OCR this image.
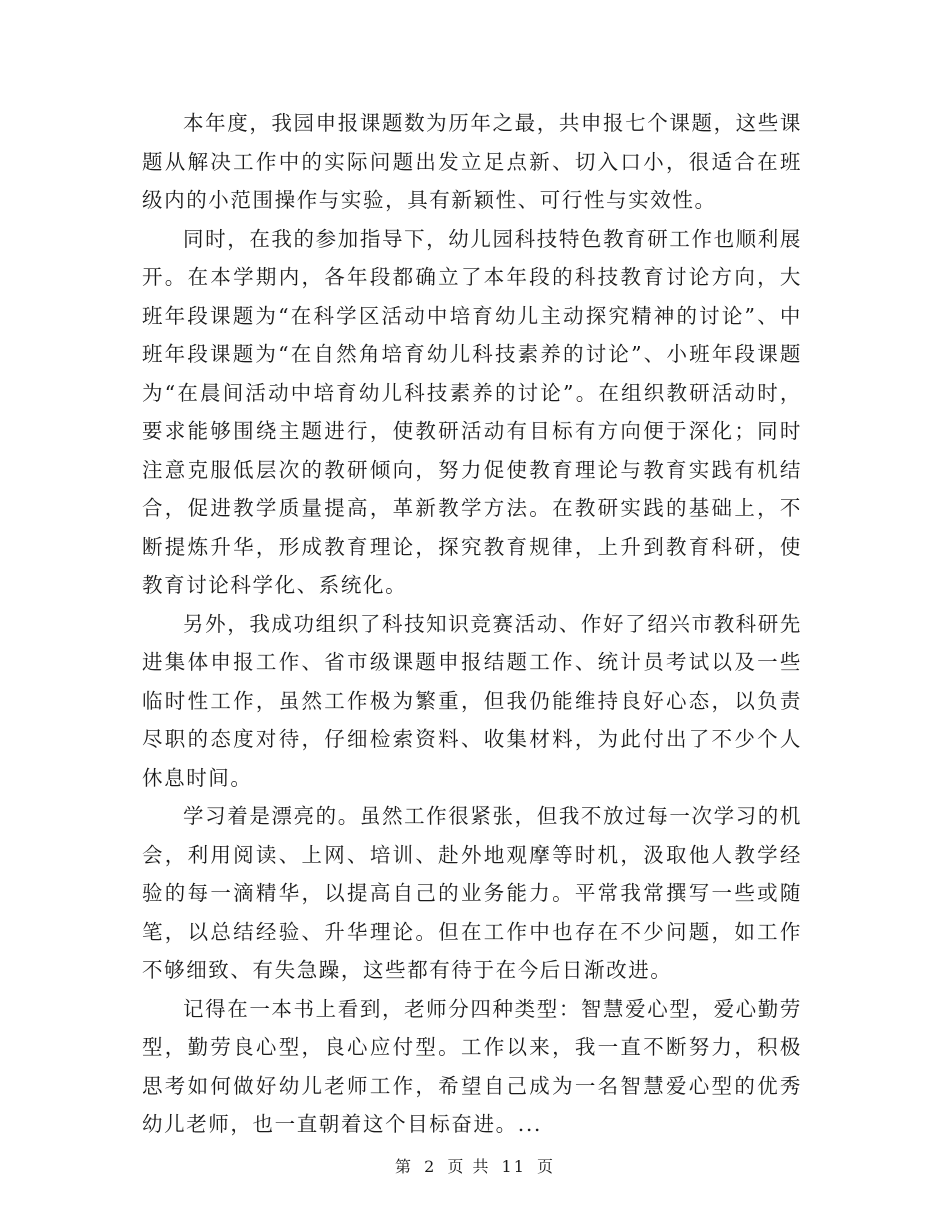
本年度，我园申报课题数为历年之最，共申报七个课题，这些课题从解决工作中的实际问题出发立足点新、切入口小，很适合在班级内的小范围操作与实验，具有新颖性、可行性与实效性。

同时，在我的参加指导下，幼儿园科技特色教育研工作也顺利展开。在本学期内，各年段都确立了本年段的科技教育讨论方向，大班年段课题为“在科学区活动中培育幼儿主动探究精神的讨论”、中班年段课题为“在自然角培育幼儿科技素养的讨论”、小班年段课题为“在晨间活动中培育幼儿科技素养的讨论”。在组织教研活动时，要求能够围绕主题进行，使教研活动有目标有方向便于深化；同时注意克服低层次的教研倾向，努力促使教育理论与教育实践有机结合，促进教学质量提高，革新教学方法。在教研实践的基础上，不断提炼升华，形成教育理论，探究教育规律，上升到教育科研，使教育讨论科学化、系统化。

另外，我成功组织了科技知识竞赛活动、作好了绍兴市教科研先进集体申报工作、省市级课题申报结题工作、统计员考试以及一些临时性工作，虽然工作极为繁重，但我仍能维持良好心态，以负责尽职的态度对待，仔细检索资料、收集材料，为此付出了不少个人休息时间。

学习着是漂亮的。虽然工作很紧张，但我不放过每一次学习的机会，利用阅读、上网、培训、赴外地观摩等时机，汲取他人教学经验的每一滴精华，以提高自己的业务能力。平常我常撰写一些或随笔，以总结经验、升华理论。但在工作中也存在不少问题，如工作不够细致、有失急躁，这些都有待于在今后日渐改进。

记得在一本书上看到，老师分四种类型：智慧爱心型，爱心勤劳型，勤劳良心型，良心应付型。工作以来，我一直不断努力，积极思考如何做好幼儿老师工作，希望自己成为一名智慧爱心型的优秀幼儿老师，也一直朝着这个目标奋进。...

第 2 页 共 11 页
